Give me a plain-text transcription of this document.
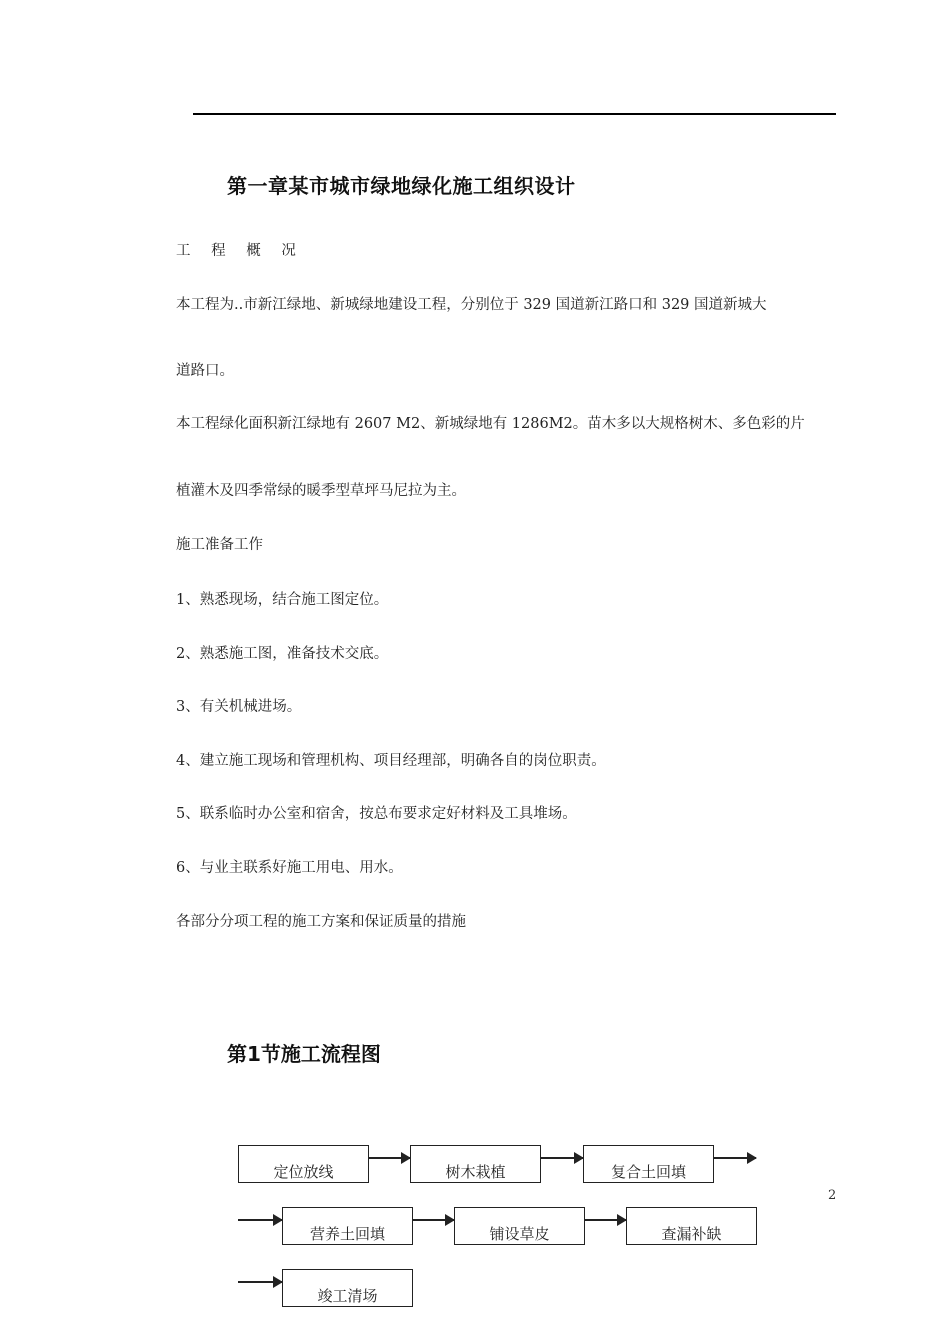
第一章某市城市绿地绿化施工组织设计
工 程 概 况
本工程为..市新江绿地、新城绿地建设工程，分别位于 329 国道新江路口和 329 国道新城大
道路口。
本工程绿化面积新江绿地有 2607 M2、新城绿地有 1286M2。苗木多以大规格树木、多色彩的片
植灌木及四季常绿的暖季型草坪马尼拉为主。
施工准备工作
1、熟悉现场，结合施工图定位。
2、熟悉施工图，准备技术交底。
3、有关机械进场。
4、建立施工现场和管理机构、项目经理部，明确各自的岗位职责。
5、联系临时办公室和宿舍，按总布要求定好材料及工具堆场。
6、与业主联系好施工用电、用水。
各部分分项工程的施工方案和保证质量的措施
第1节施工流程图
定位放线	树木栽植	复合土回填
营养土回填	铺设草皮	查漏补缺
竣工清场
2
